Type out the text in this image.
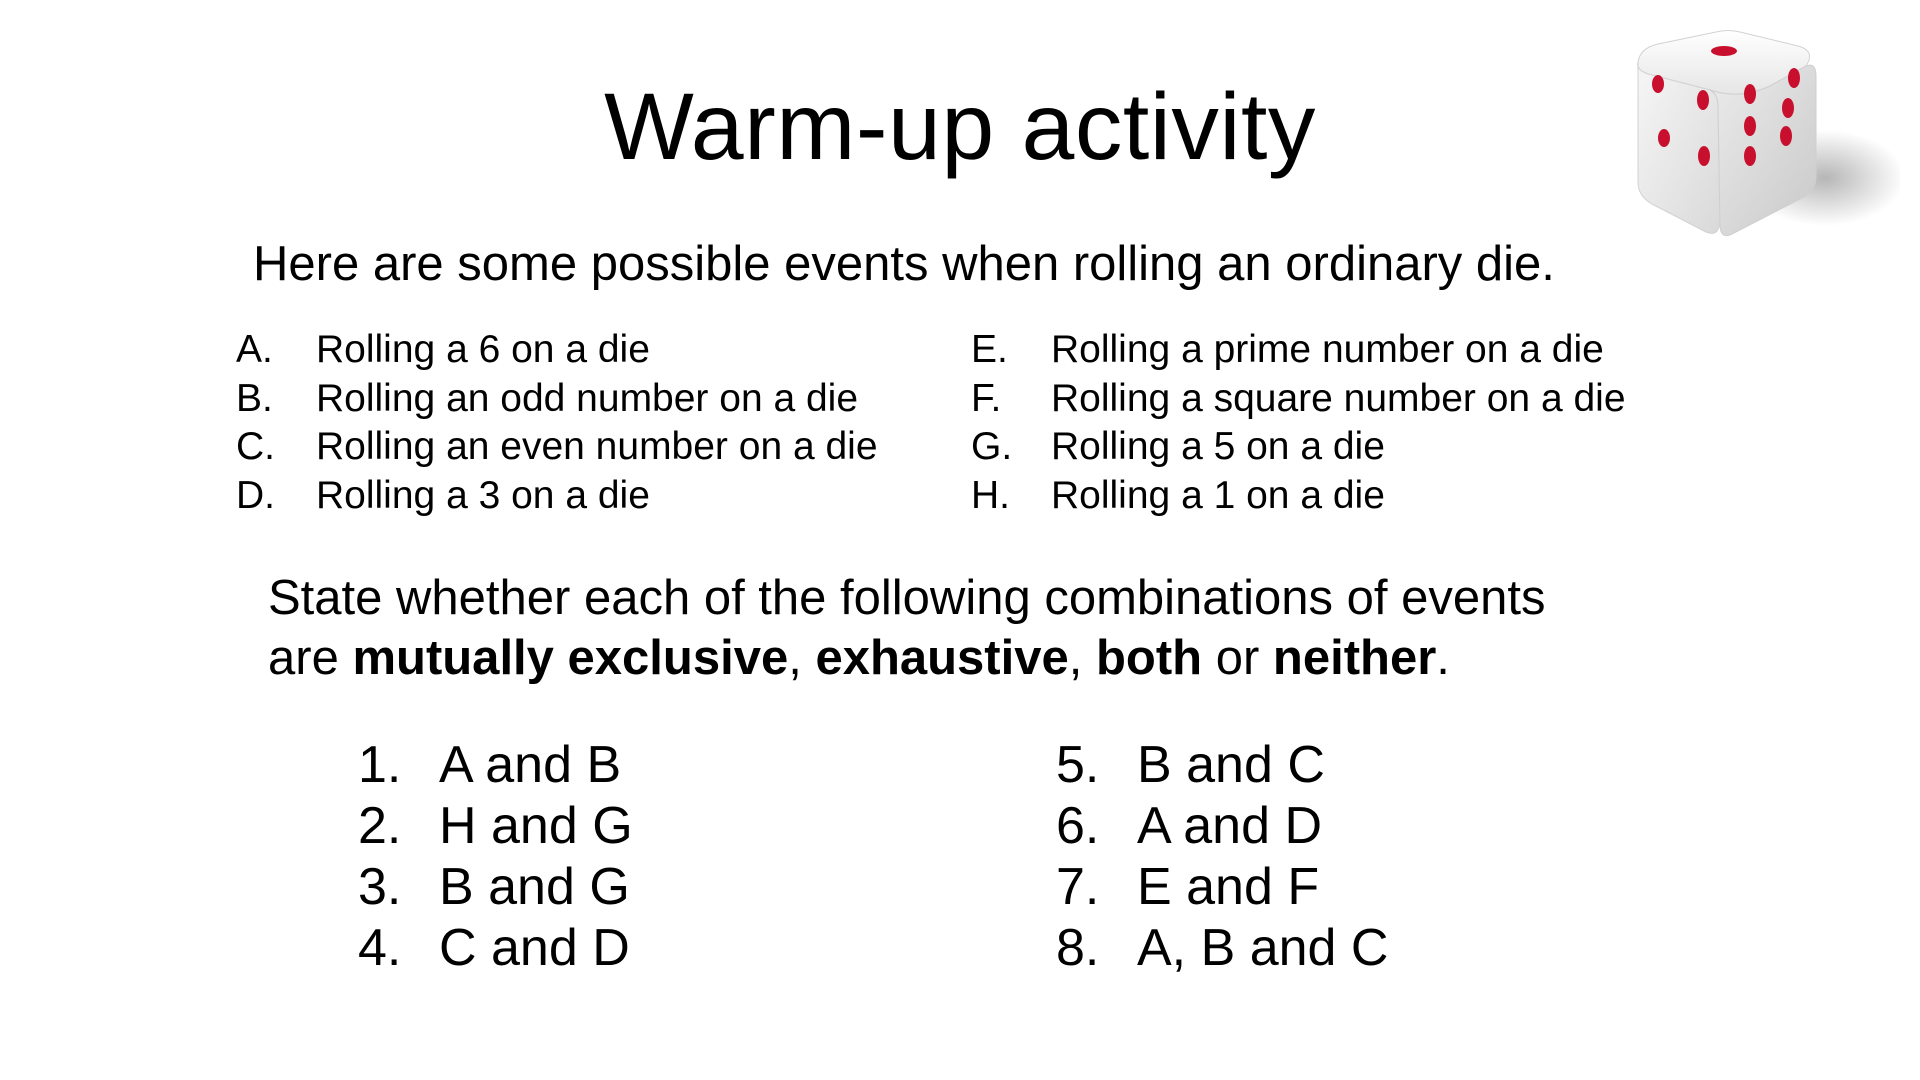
Warm-up activity
Here are some possible events when rolling an ordinary die.
A.	Rolling a 6 on a die
B.	Rolling an odd number on a die
C.	Rolling an even number on a die
D.	Rolling a 3 on a die
E.	Rolling a prime number on a die
F.	Rolling a square number on a die
G. Rolling a 5 on a die
H.	Rolling a 1 on a die
State whether each of the following combinations of events
are mutually exclusive, exhaustive, both or neither.
1. A and B
2. H and G
3. B and G
4. C and D
5. B and C
6. A and D
7. E and F
8. A, B and C
